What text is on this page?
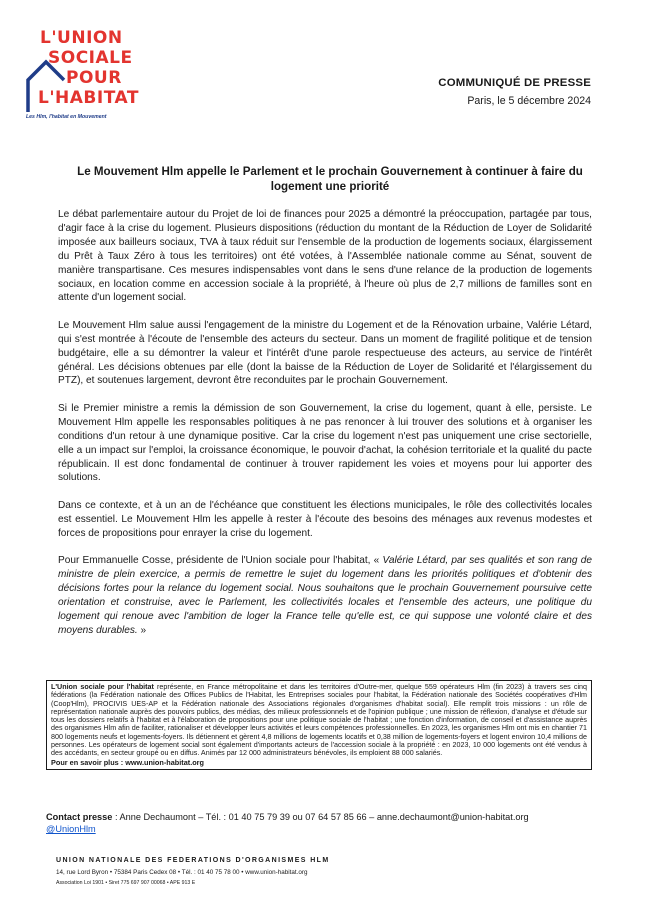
L'UNION
SOCIALE
POUR
L'HABITAT
Les Hlm, l'habitat en Mouvement
COMMUNIQUÉ DE PRESSE
Paris, le 5 décembre 2024
Le Mouvement Hlm appelle le Parlement et le prochain Gouvernement à continuer à faire du logement une priorité

Le débat parlementaire autour du Projet de loi de finances pour 2025 a démontré la préoccupation, partagée par tous, d'agir face à la crise du logement. Plusieurs dispositions (réduction du montant de la Réduction de Loyer de Solidarité imposée aux bailleurs sociaux, TVA à taux réduit sur l'ensemble de la production de logements sociaux, élargissement du Prêt à Taux Zéro à tous les territoires) ont été votées, à l'Assemblée nationale comme au Sénat, souvent de manière transpartisane. Ces mesures indispensables vont dans le sens d'une relance de la production de logements sociaux, en location comme en accession sociale à la propriété, à l'heure où plus de 2,7 millions de familles sont en attente d'un logement social.

Le Mouvement Hlm salue aussi l'engagement de la ministre du Logement et de la Rénovation urbaine, Valérie Létard, qui s'est montrée à l'écoute de l'ensemble des acteurs du secteur. Dans un moment de fragilité politique et de tension budgétaire, elle a su démontrer la valeur et l'intérêt d'une parole respectueuse des acteurs, au service de l'intérêt général. Les décisions obtenues par elle (dont la baisse de la Réduction de Loyer de Solidarité et l'élargissement du PTZ), et soutenues largement, devront être reconduites par le prochain Gouvernement.

Si le Premier ministre a remis la démission de son Gouvernement, la crise du logement, quant à elle, persiste. Le Mouvement Hlm appelle les responsables politiques à ne pas renoncer à lui trouver des solutions et à organiser les conditions d'un retour à une dynamique positive. Car la crise du logement n'est pas uniquement une crise sectorielle, elle a un impact sur l'emploi, la croissance économique, le pouvoir d'achat, la cohésion territoriale et la qualité du pacte républicain. Il est donc fondamental de continuer à trouver rapidement les voies et moyens pour lui apporter des solutions.

Dans ce contexte, et à un an de l'échéance que constituent les élections municipales, le rôle des collectivités locales est essentiel. Le Mouvement Hlm les appelle à rester à l'écoute des besoins des ménages aux revenus modestes et forces de propositions pour enrayer la crise du logement.

Pour Emmanuelle Cosse, présidente de l'Union sociale pour l'habitat, « Valérie Létard, par ses qualités et son rang de ministre de plein exercice, a permis de remettre le sujet du logement dans les priorités politiques et d'obtenir des décisions fortes pour la relance du logement social. Nous souhaitons que le prochain Gouvernement poursuive cette orientation et construise, avec le Parlement, les collectivités locales et l'ensemble des acteurs, une politique du logement qui renoue avec l'ambition de loger la France telle qu'elle est, ce qui suppose une volonté claire et des moyens durables. »

L'Union sociale pour l'habitat représente, en France métropolitaine et dans les territoires d'Outre-mer, quelque 559 opérateurs Hlm (fin 2023) à travers ses cinq fédérations (la Fédération nationale des Offices Publics de l'Habitat, les Entreprises sociales pour l'habitat, la Fédération nationale des Sociétés coopératives d'Hlm (Coop'Hlm), PROCIVIS UES-AP et la Fédération nationale des Associations régionales d'organismes d'habitat social). Elle remplit trois missions : un rôle de représentation nationale auprès des pouvoirs publics, des médias, des milieux professionnels et de l'opinion publique ; une mission de réflexion, d'analyse et d'étude sur tous les dossiers relatifs à l'habitat et à l'élaboration de propositions pour une politique sociale de l'habitat ; une fonction d'information, de conseil et d'assistance auprès des organismes Hlm afin de faciliter, rationaliser et développer leurs activités et leurs compétences professionnelles. En 2023, les organismes Hlm ont mis en chantier 71 800 logements neufs et logements-foyers. Ils détiennent et gèrent 4,8 millions de logements locatifs et 0,38 million de logements-foyers et logent environ 10,4 millions de personnes. Les opérateurs de logement social sont également d'importants acteurs de l'accession sociale à la propriété : en 2023, 10 000 logements ont été vendus à des accédants, en secteur groupé ou en diffus. Animés par 12 000 administrateurs bénévoles, ils emploient 88 000 salariés.

Pour en savoir plus : www.union-habitat.org

Contact presse : Anne Dechaumont – Tél. : 01 40 75 79 39 ou 07 64 57 85 66 – anne.dechaumont@union-habitat.org
@UnionHlm
UNION NATIONALE DES FEDERATIONS D'ORGANISMES HLM
14, rue Lord Byron • 75384 Paris Cedex 08 • Tél. : 01 40 75 78 00 • www.union-habitat.org
Association Loi 1901 • Siret 775 697 907 00068 • APE 913 E
